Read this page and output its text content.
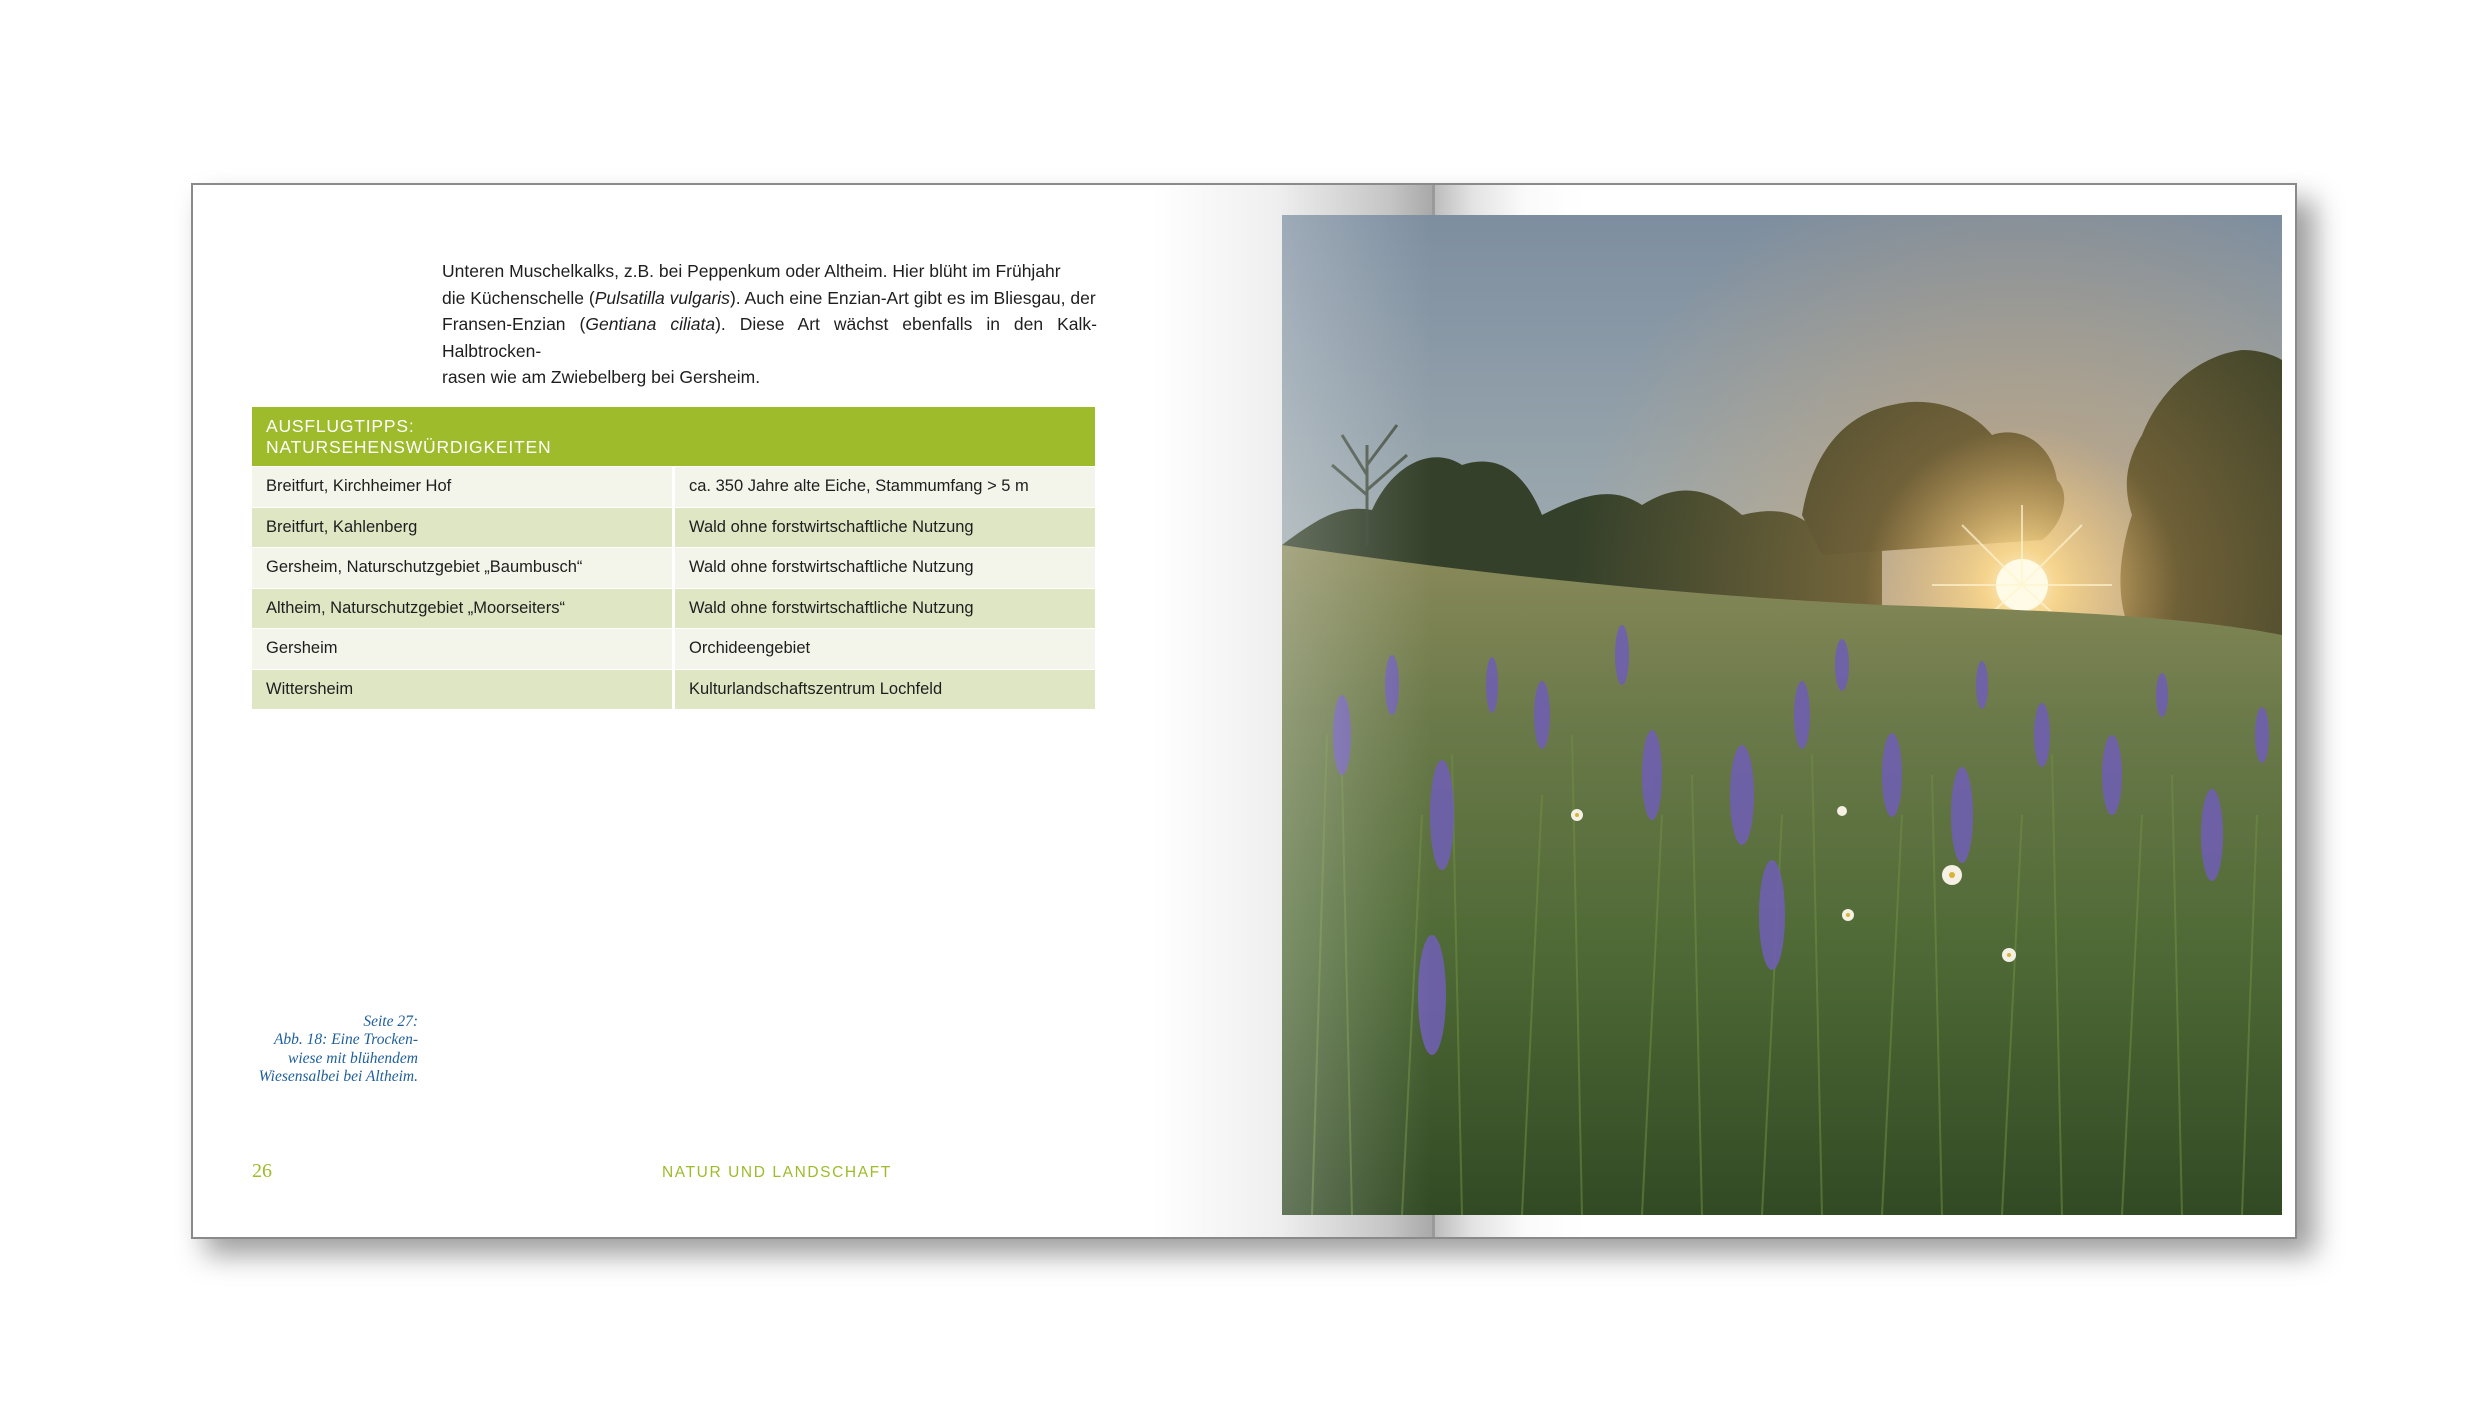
Unteren Muschelkalks, z.B. bei Peppenkum oder Altheim. Hier blüht im Frühjahr
die Küchenschelle (Pulsatilla vulgaris). Auch eine Enzian-Art gibt es im Bliesgau, der
Fransen-Enzian (Gentiana ciliata). Diese Art wächst ebenfalls in den Kalk-Halbtrocken-
rasen wie am Zwiebelberg bei Gersheim.
AUSFLUGTIPPS:
NATURSEHENSWÜRDIGKEITEN
Breitfurt, Kirchheimer Hof	ca. 350 Jahre alte Eiche, Stammumfang > 5 m
Breitfurt, Kahlenberg	Wald ohne forstwirtschaftliche Nutzung
Gersheim, Naturschutzgebiet „Baumbusch“	Wald ohne forstwirtschaftliche Nutzung
Altheim, Naturschutzgebiet „Moorseiters“	Wald ohne forstwirtschaftliche Nutzung
Gersheim	Orchideengebiet
Wittersheim	Kulturlandschaftszentrum Lochfeld
Seite 27:
Abb. 18: Eine Trocken-
wiese mit blühendem
Wiesensalbei bei Altheim.
26	NATUR UND LANDSCHAFT
